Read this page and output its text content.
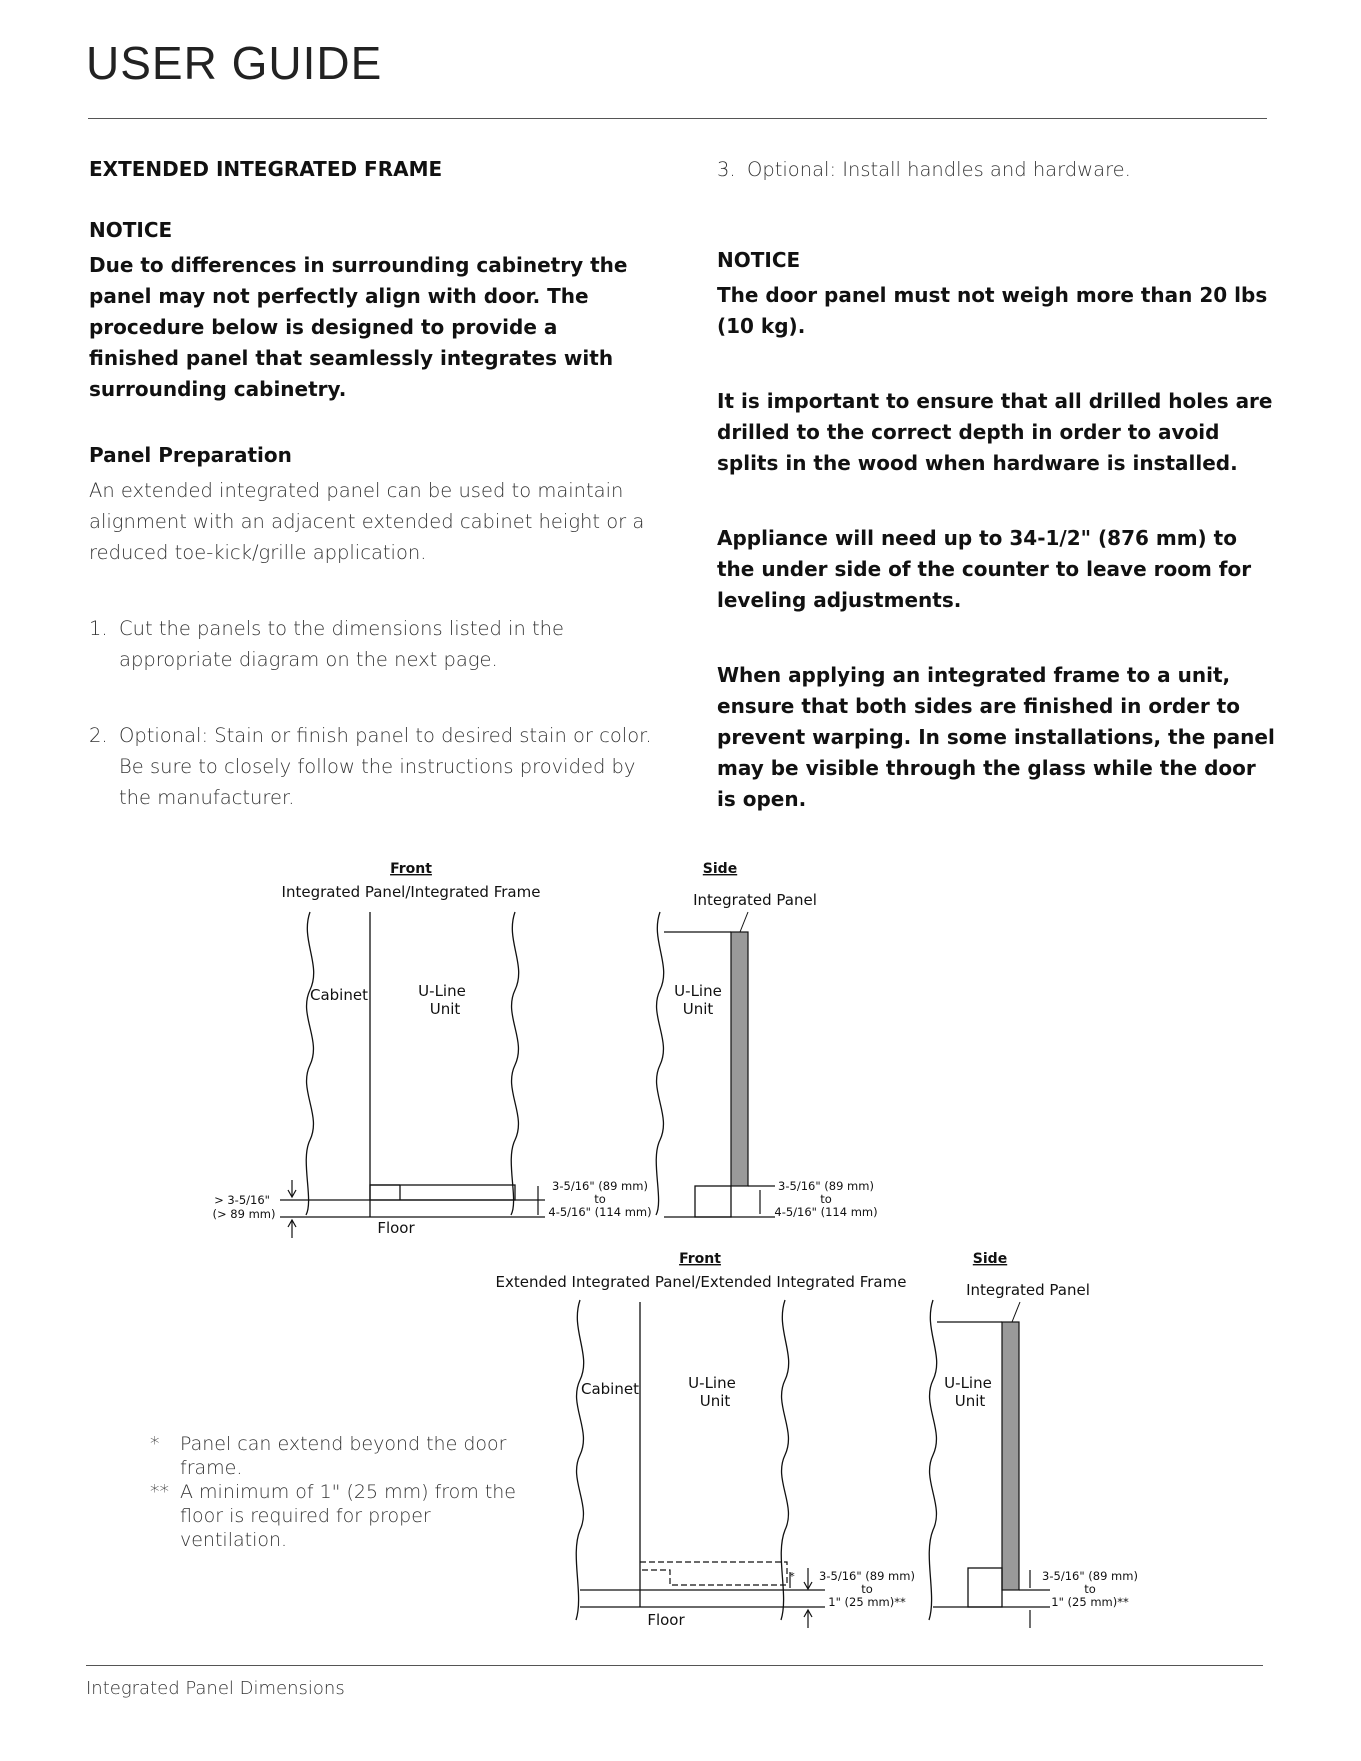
USER GUIDE

EXTENDED INTEGRATED FRAME

NOTICE

Due to differences in surrounding cabinetry the panel may not perfectly align with door. The procedure below is designed to provide a finished panel that seamlessly integrates with surrounding cabinetry.

Panel Preparation

An extended integrated panel can be used to maintain alignment with an adjacent extended cabinet height or a reduced toe-kick/grille application.

1. Cut the panels to the dimensions listed in the appropriate diagram on the next page.
2. Optional: Stain or finish panel to desired stain or color. Be sure to closely follow the instructions provided by the manufacturer.
3. Optional: Install handles and hardware.

NOTICE

The door panel must not weigh more than 20 lbs (10 kg).

It is important to ensure that all drilled holes are drilled to the correct depth in order to avoid splits in the wood when hardware is installed.

Appliance will need up to 34-1/2" (876 mm) to the under side of the counter to leave room for leveling adjustments.

When applying an integrated frame to a unit, ensure that both sides are finished in order to prevent warping. In some installations, the panel may be visible through the glass while the door is open.

Front
Integrated Panel/Integrated Frame
Side
Integrated Panel
Cabinet	U-Line
Unit
Floor
> 3-5/16"
(> 89 mm)
3-5/16" (89 mm)
to
4-5/16" (114 mm)
U-Line
Unit
3-5/16" (89 mm)
to
4-5/16" (114 mm)
Front
Extended Integrated Panel/Extended Integrated Frame
Side
Integrated Panel
Cabinet	U-Line
Unit
Floor
* 3-5/16" (89 mm)
to
1" (25 mm)**
U-Line
Unit
3-5/16" (89 mm)
to
1" (25 mm)**
* Panel can extend beyond the door frame.
** A minimum of 1" (25 mm) from the floor is required for proper ventilation.
Integrated Panel Dimensions
